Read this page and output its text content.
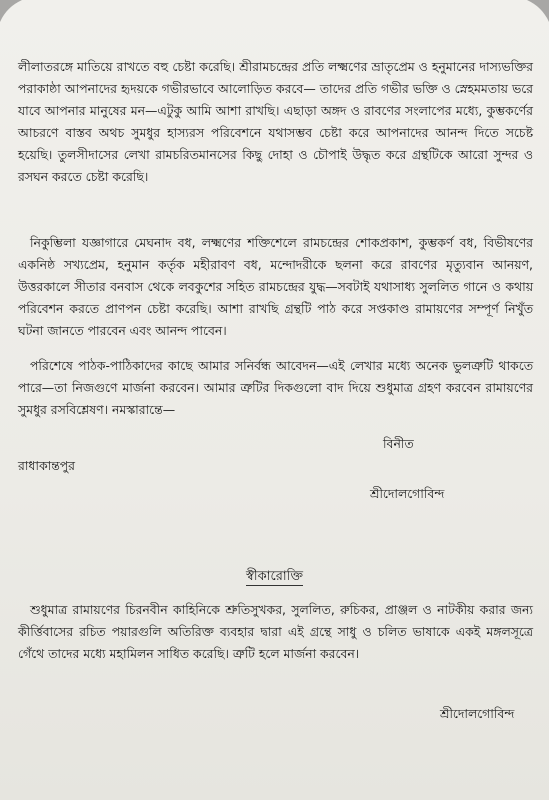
লীলাতরঙ্গে মাতিয়ে রাখতে বহু চেষ্টা করেছি। শ্রীরামচন্দ্রের প্রতি লক্ষ্মণের ভ্রাতৃপ্রেম ও হনুমানের দাস্যভক্তির পরাকাষ্ঠা আপনাদের হৃদয়কে গভীরভাবে আলোড়িত করবে— তাদের প্রতি গভীর ভক্তি ও স্নেহমমতায় ভরে যাবে আপনার মানুষের মন—এটুকু আমি আশা রাখছি। এছাড়া অঙ্গদ ও রাবণের সংলাপের মধ্যে, কুম্ভকর্ণের আচরণে বাস্তব অথচ সুমধুর হাস্যরস পরিবেশনে যথাসম্ভব চেষ্টা করে আপনাদের আনন্দ দিতে সচেষ্ট হয়েছি। তুলসীদাসের লেখা রামচরিতমানসের কিছু দোহা ও চৌপাই উদ্ধৃত করে গ্রন্থটিকে আরো সুন্দর ও রসঘন করতে চেষ্টা করেছি।

নিকুম্ভিলা যজ্ঞাগারে মেঘনাদ বধ, লক্ষ্মণের শক্তিশেলে রামচন্দ্রের শোকপ্রকাশ, কুম্ভকর্ণ বধ, বিভীষণের একনিষ্ঠ সখ্যপ্রেম, হনুমান কর্তৃক মহীরাবণ বধ, মন্দোদরীকে ছলনা করে রাবণের মৃত্যুবান আনয়ণ, উত্তরকালে সীতার বনবাস থেকে লবকুশের সহিত রামচন্দ্রের যুদ্ধ—সবটাই যথাসাধ্য সুললিত গানে ও কথায় পরিবেশন করতে প্রাণপন চেষ্টা করেছি। আশা রাখছি গ্রন্থটি পাঠ করে সপ্তকাণ্ড রামায়ণের সম্পূর্ণ নিখুঁত ঘটনা জানতে পারবেন এবং আনন্দ পাবেন।

পরিশেষে পাঠক-পাঠিকাদের কাছে আমার সনির্বন্ধ আবেদন—এই লেখার মধ্যে অনেক ভুলত্রুটি থাকতে পারে—তা নিজগুণে মার্জনা করবেন। আমার ত্রুটির দিকগুলো বাদ দিয়ে শুধুমাত্র গ্রহণ করবেন রামায়ণের সুমধুর রসবিশ্লেষণ। নমস্কারান্তে—

রাধাকান্তপুর
বিনীত
শ্রীদোলগোবিন্দ
স্বীকারোক্তি

শুধুমাত্র রামায়ণের চিরনবীন কাহিনিকে শ্রুতিসুখকর, সুললিত, রুচিকর, প্রাঞ্জল ও নাটকীয় করার জন্য কীর্ত্তিবাসের রচিত পয়ারগুলি অতিরিক্ত ব্যবহার দ্বারা এই গ্রন্থে সাধু ও চলিত ভাষাকে একই মঙ্গলসূত্রে গেঁথে তাদের মধ্যে মহামিলন সাধিত করেছি। ত্রুটি হলে মার্জনা করবেন।

শ্রীদোলগোবিন্দ
